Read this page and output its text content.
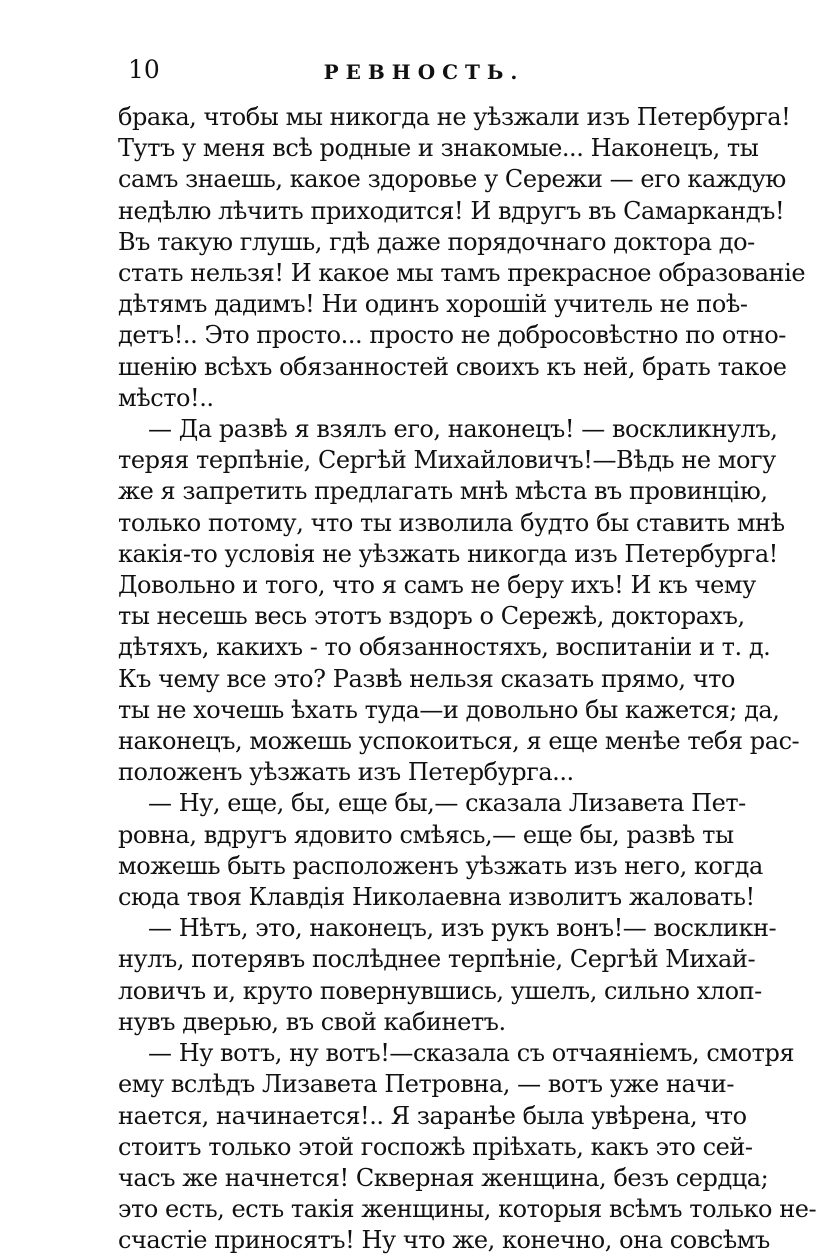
10	РЕВНОСТЬ.

брака, чтобы мы никогда не уѣзжали изъ Петербурга!
Тутъ у меня всѣ родные и знакомые... Наконецъ, ты
самъ знаешь, какое здоровье у Сережи — его каждую
недѣлю лѣчить приходится! И вдругъ въ Самаркандъ!
Въ такую глушь, гдѣ даже порядочнаго доктора до-
стать нельзя! И какое мы тамъ прекрасное образованіе
дѣтямъ дадимъ! Ни одинъ хорошій учитель не поѣ-
детъ!.. Это просто... просто не добросовѣстно по отно-
шенію всѣхъ обязанностей своихъ къ ней, брать такое
мѣсто!..

— Да развѣ я взялъ его, наконецъ! — воскликнулъ,
теряя терпѣніе, Сергѣй Михайловичъ!—Вѣдь не могу
же я запретить предлагать мнѣ мѣста въ провинцію,
только потому, что ты изволила будто бы ставить мнѣ
какія-то условія не уѣзжать никогда изъ Петербурга!
Довольно и того, что я самъ не беру ихъ! И къ чему
ты несешь весь этотъ вздоръ о Сережѣ, докторахъ,
дѣтяхъ, какихъ - то обязанностяхъ, воспитаніи и т. д.
Къ чему все это? Развѣ нельзя сказать прямо, что
ты не хочешь ѣхать туда—и довольно бы кажется; да,
наконецъ, можешь успокоиться, я еще менѣе тебя рас-
положенъ уѣзжать изъ Петербурга...

— Ну, еще, бы, еще бы,— сказала Лизавета Пет-
ровна, вдругъ ядовито смѣясь,— еще бы, развѣ ты
можешь быть расположенъ уѣзжать изъ него, когда
сюда твоя Клавдія Николаевна изволитъ жаловать!

— Нѣтъ, это, наконецъ, изъ рукъ вонъ!— воскликн-
нулъ, потерявъ послѣднее терпѣніе, Сергѣй Михай-
ловичъ и, круто повернувшись, ушелъ, сильно хлоп-
нувъ дверью, въ свой кабинетъ.

— Ну вотъ, ну вотъ!—сказала съ отчаяніемъ, смотря
ему вслѣдъ Лизавета Петровна, — вотъ уже начи-
нается, начинается!.. Я заранѣе была увѣрена, что
стоитъ только этой госпожѣ пріѣхать, какъ это сей-
часъ же начнется! Скверная женщина, безъ сердца;
это есть, есть такія женщины, которыя всѣмъ только не-
счастіе приносятъ! Ну что же, конечно, она совсѣмъ
